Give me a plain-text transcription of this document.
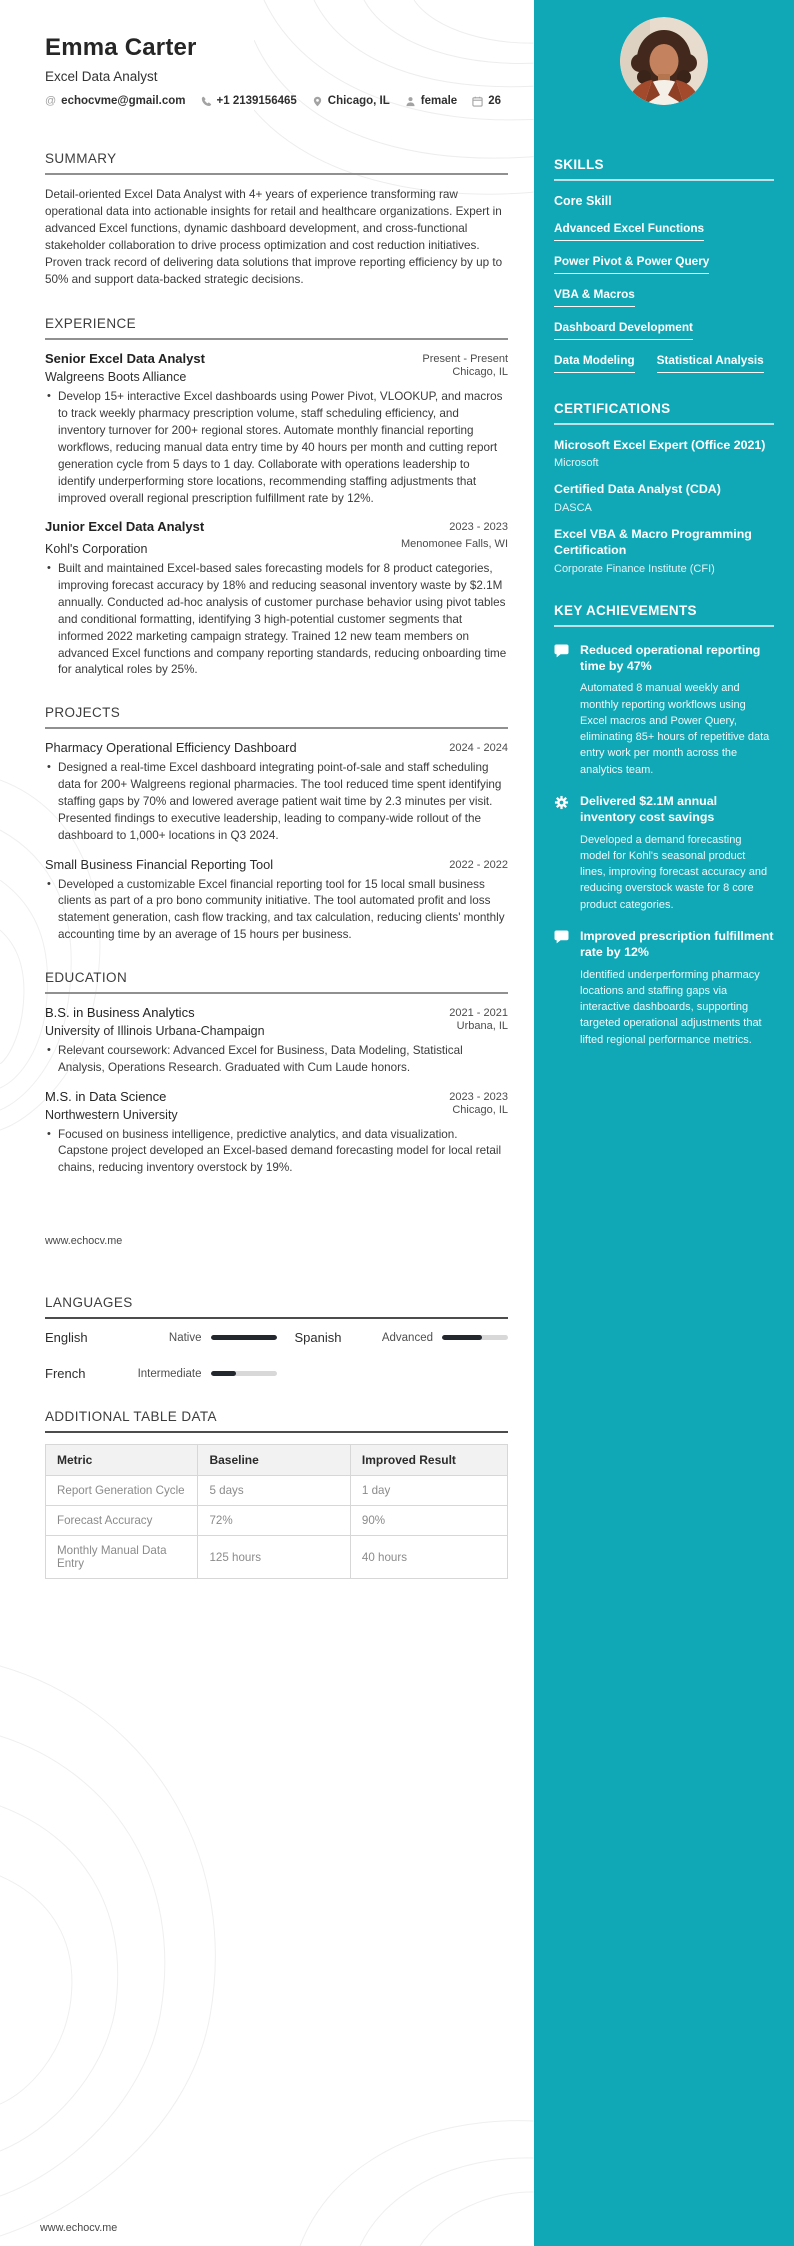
Emma Carter
Excel Data Analyst
@ echocvme@gmail.com	+1 2139156465	Chicago, IL	female	26
SUMMARY

Detail-oriented Excel Data Analyst with 4+ years of experience transforming raw operational data into actionable insights for retail and healthcare organizations. Expert in advanced Excel functions, dynamic dashboard development, and cross-functional stakeholder collaboration to drive process optimization and cost reduction initiatives. Proven track record of delivering data solutions that improve reporting efficiency by up to 50% and support data-backed strategic decisions.

EXPERIENCE
Senior Excel Data Analyst	Present - Present
Walgreens Boots Alliance	Chicago, IL
• Develop 15+ interactive Excel dashboards using Power Pivot, VLOOKUP, and macros to track weekly pharmacy prescription volume, staff scheduling efficiency, and inventory turnover for 200+ regional stores. Automate monthly financial reporting workflows, reducing manual data entry time by 40 hours per month and cutting report generation cycle from 5 days to 1 day. Collaborate with operations leadership to identify underperforming store locations, recommending staffing adjustments that improved overall regional prescription fulfillment rate by 12%.
Junior Excel Data Analyst	2023 - 2023
Kohl's Corporation	Menomonee Falls, WI
• Built and maintained Excel-based sales forecasting models for 8 product categories, improving forecast accuracy by 18% and reducing seasonal inventory waste by $2.1M annually. Conducted ad-hoc analysis of customer purchase behavior using pivot tables and conditional formatting, identifying 3 high-potential customer segments that informed 2022 marketing campaign strategy. Trained 12 new team members on advanced Excel functions and company reporting standards, reducing onboarding time for analytical roles by 25%.
PROJECTS
Pharmacy Operational Efficiency Dashboard	2024 - 2024
• Designed a real-time Excel dashboard integrating point-of-sale and staff scheduling data for 200+ Walgreens regional pharmacies. The tool reduced time spent identifying staffing gaps by 70% and lowered average patient wait time by 2.3 minutes per visit. Presented findings to executive leadership, leading to company-wide rollout of the dashboard to 1,000+ locations in Q3 2024.
Small Business Financial Reporting Tool	2022 - 2022
• Developed a customizable Excel financial reporting tool for 15 local small business clients as part of a pro bono community initiative. The tool automated profit and loss statement generation, cash flow tracking, and tax calculation, reducing clients' monthly accounting time by an average of 15 hours per business.
EDUCATION
B.S. in Business Analytics	2021 - 2021
University of Illinois Urbana-Champaign	Urbana, IL
• Relevant coursework: Advanced Excel for Business, Data Modeling, Statistical Analysis, Operations Research. Graduated with Cum Laude honors.
M.S. in Data Science	2023 - 2023
Northwestern University	Chicago, IL
• Focused on business intelligence, predictive analytics, and data visualization. Capstone project developed an Excel-based demand forecasting model for local retail chains, reducing inventory overstock by 19%.
www.echocv.me
LANGUAGES
English	Native	Spanish	Advanced
French	Intermediate
ADDITIONAL TABLE DATA
Metric	Baseline	Improved Result
Report Generation Cycle	5 days	1 day
Forecast Accuracy	72%	90%
Monthly Manual Data Entry	125 hours	40 hours
SKILLS
Core Skill
Advanced Excel Functions
Power Pivot & Power Query
VBA & Macros
Dashboard Development
Data Modeling Statistical Analysis
CERTIFICATIONS
Microsoft Excel Expert (Office 2021)
Microsoft
Certified Data Analyst (CDA)
DASCA
Excel VBA & Macro Programming Certification
Corporate Finance Institute (CFI)
KEY ACHIEVEMENTS
Reduced operational reporting time by 47%
Automated 8 manual weekly and monthly reporting workflows using Excel macros and Power Query, eliminating 85+ hours of repetitive data entry work per month across the analytics team.
Delivered $2.1M annual inventory cost savings
Developed a demand forecasting model for Kohl's seasonal product lines, improving forecast accuracy and reducing overstock waste for 8 core product categories.
Improved prescription fulfillment rate by 12%
Identified underperforming pharmacy locations and staffing gaps via interactive dashboards, supporting targeted operational adjustments that lifted regional performance metrics.
www.echocv.me
